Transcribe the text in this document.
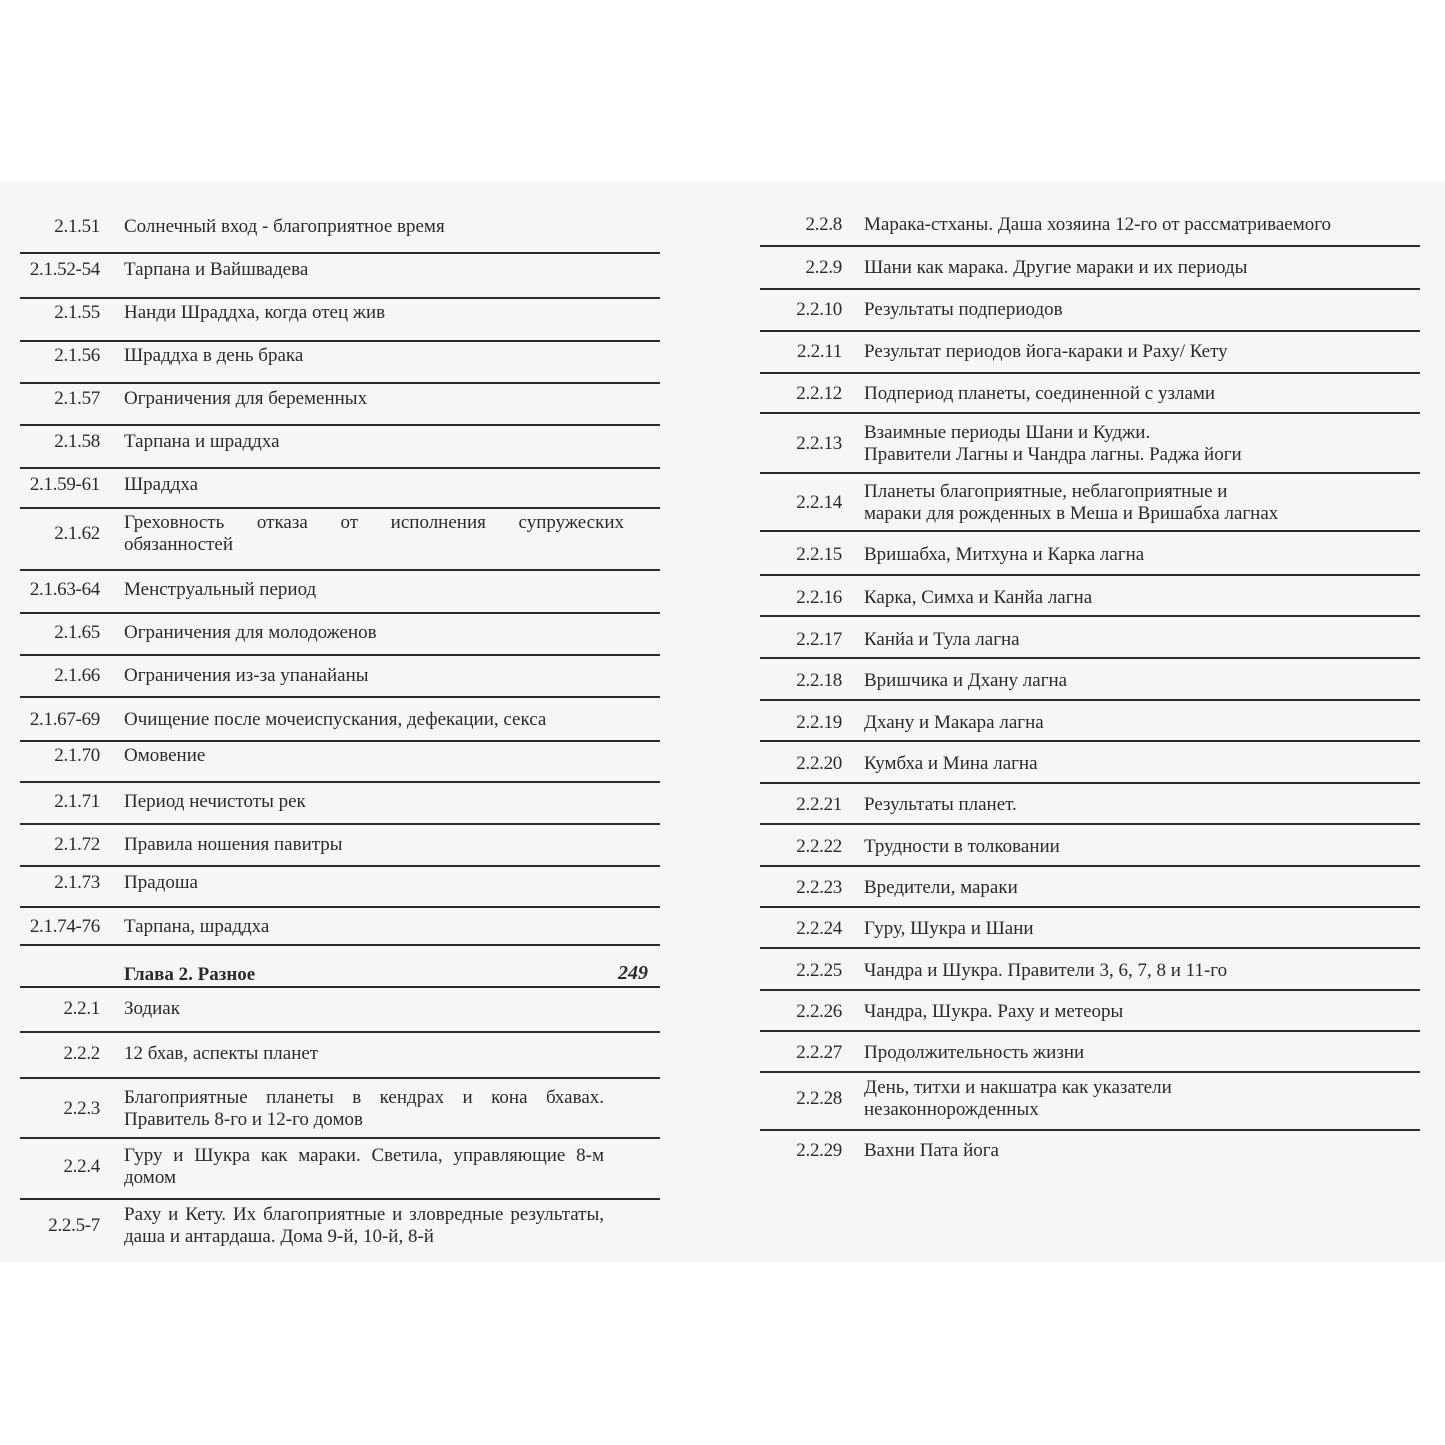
2.1.51 Солнечный вход - благоприятное время
2.1.52-54 Тарпана и Вайшвадева
2.1.55 Нанди Шраддха, когда отец жив
2.1.56 Шраддха в день брака
2.1.57 Ограничения для беременных
2.1.58 Тарпана и шраддха
2.1.59-61 Шраддха
2.1.62
Греховность отказа от исполнения супружеских обязанностей
2.1.63-64 Менструальный период
2.1.65 Ограничения для молодоженов
2.1.66 Ограничения из-за упанайаны
2.1.67-69 Очищение после мочеиспускания, дефекации, секса
2.1.70 Омовение
2.1.71 Период нечистоты рек
2.1.72 Правила ношения павитры
2.1.73 Прадоша
2.1.74-76 Тарпана, шраддха
Глава 2. Разное	249
2.2.1 Зодиак
2.2.2 12 бхав, аспекты планет
2.2.3
Благоприятные планеты в кендрах и кона бхавах. Правитель 8-го и 12-го домов
2.2.4
Гуру и Шукра как мараки. Светила, управляющие 8-м домом
2.2.5-7
Раху и Кету. Их благоприятные и зловредные результаты, даша и антардаша. Дома 9-й, 10-й, 8-й
2.2.8 Марака-стханы. Даша хозяина 12-го от рассматриваемого
2.2.9 Шани как марака. Другие мараки и их периоды
2.2.10 Результаты подпериодов
2.2.11 Результат периодов йога-караки и Раху/ Кету
2.2.12 Подпериод планеты, соединенной с узлами
2.2.13
Взаимные периоды Шани и Куджи.
Правители Лагны и Чандра лагны. Раджа йоги
2.2.14
Планеты благоприятные, неблагоприятные и
мараки для рожденных в Меша и Вришабха лагнах
2.2.15 Вришабха, Митхуна и Карка лагна
2.2.16 Карка, Симха и Канйа лагна
2.2.17 Канйа и Тула лагна
2.2.18 Вришчика и Дхану лагна
2.2.19 Дхану и Макара лагна
2.2.20 Кумбха и Мина лагна
2.2.21 Результаты планет.
2.2.22 Трудности в толковании
2.2.23 Вредители, мараки
2.2.24 Гуру, Шукра и Шани
2.2.25 Чандра и Шукра. Правители 3, 6, 7, 8 и 11-го
2.2.26 Чандра, Шукра. Раху и метеоры
2.2.27 Продолжительность жизни
2.2.28
День, титхи и накшатра как указатели
незаконнорожденных
2.2.29 Вахни Пата йога
